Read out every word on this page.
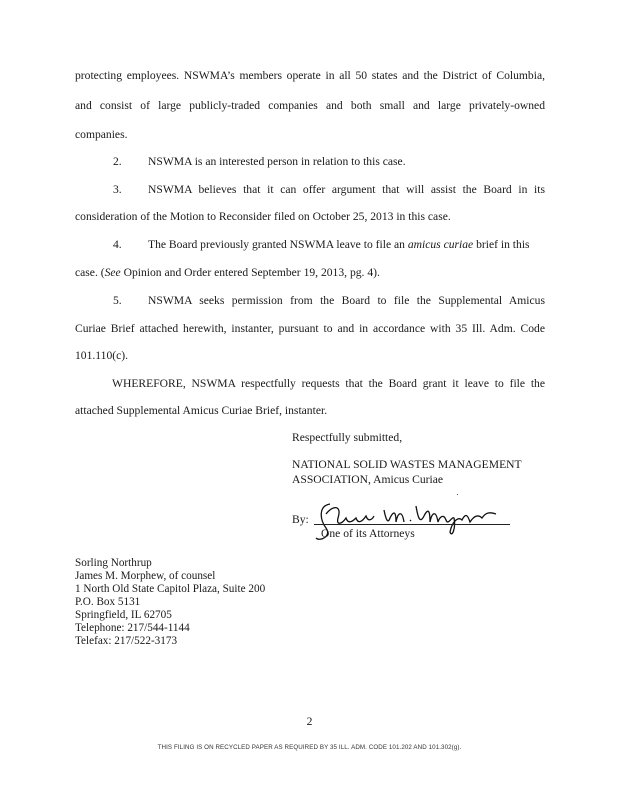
protecting employees. NSWMA’s members operate in all 50 states and the District of Columbia,
and consist of large publicly-traded companies and both small and large privately-owned
companies.
2. NSWMA is an interested person in relation to this case.
3. NSWMA believes that it can offer argument that will assist the Board in its
consideration of the Motion to Reconsider filed on October 25, 2013 in this case.
4. The Board previously granted NSWMA leave to file an amicus curiae brief in this
case. (See Opinion and Order entered September 19, 2013, pg. 4).
5. NSWMA seeks permission from the Board to file the Supplemental Amicus
Curiae Brief attached herewith, instanter, pursuant to and in accordance with 35 Ill. Adm. Code
101.110(c).
WHEREFORE, NSWMA respectfully requests that the Board grant it leave to file the
attached Supplemental Amicus Curiae Brief, instanter.
Respectfully submitted,
NATIONAL SOLID WASTES MANAGEMENT
ASSOCIATION, Amicus Curiae
By:
One of its Attorneys
Sorling Northrup
James M. Morphew, of counsel
1 North Old State Capitol Plaza, Suite 200
P.O. Box 5131
Springfield, IL 62705
Telephone: 217/544-1144
Telefax: 217/522-3173
2
THIS FILING IS ON RECYCLED PAPER AS REQUIRED BY 35 ILL. ADM. CODE 101.202 AND 101.302(g).
